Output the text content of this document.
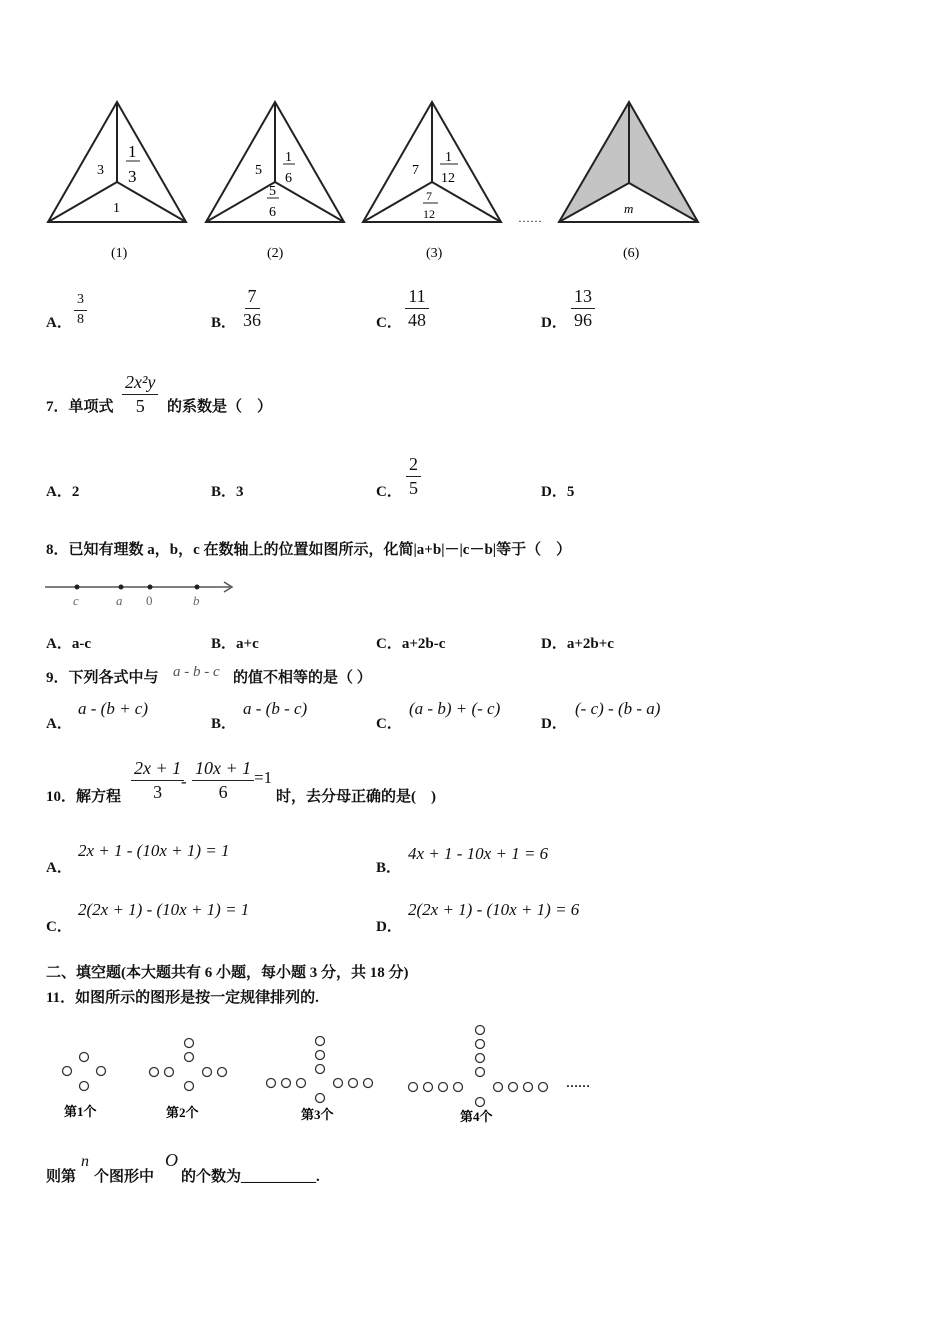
3
1
3
1
5
1
6
5
6
7
1
12
7
12	……
m
(1)	(2)	(3)	(6)
A． $\frac{3}{8}$	B． $\frac{7}{36}$	C． $\frac{11}{48}$	D． $\frac{13}{96}$
7．单项式 $\frac{\text{2x²y}}{5}$ 的系数是（　）
A．2	B．3	C． $\frac{2}{5}$	D．5
8．已知有理数 a，b，c 在数轴上的位置如图所示，化简|a+b|－|c－b|等于（　）
c	a 0	b
A．a-c	B．a+c	C．a+2b-c	D．a+2b+c
9．下列各式中与 a - b - c 的值不相等的是（ ）
A．
a - (b + c)
B．
a - (b - c)
C．
(a - b) + (- c)
D．
(- c) - (b - a)
10．解方程 $\frac{2x + 1}{3}$
- $\frac{10x + 1}{6} =1$
时，去分母正确的是(　)
A．
2x + 1 - (10x + 1) = 1
B．
4x + 1 - 10x + 1 = 6
C．
2(2x + 1) - (10x + 1) = 1
D．
2(2x + 1) - (10x + 1) = 6
二、填空题(本大题共有 6 小题，每小题 3 分，共 18 分)
11．如图所示的图形是按一定规律排列的.
……
第1个	第2个	第3个	第4个
则第
n
个图形中
O
的个数为__________.
